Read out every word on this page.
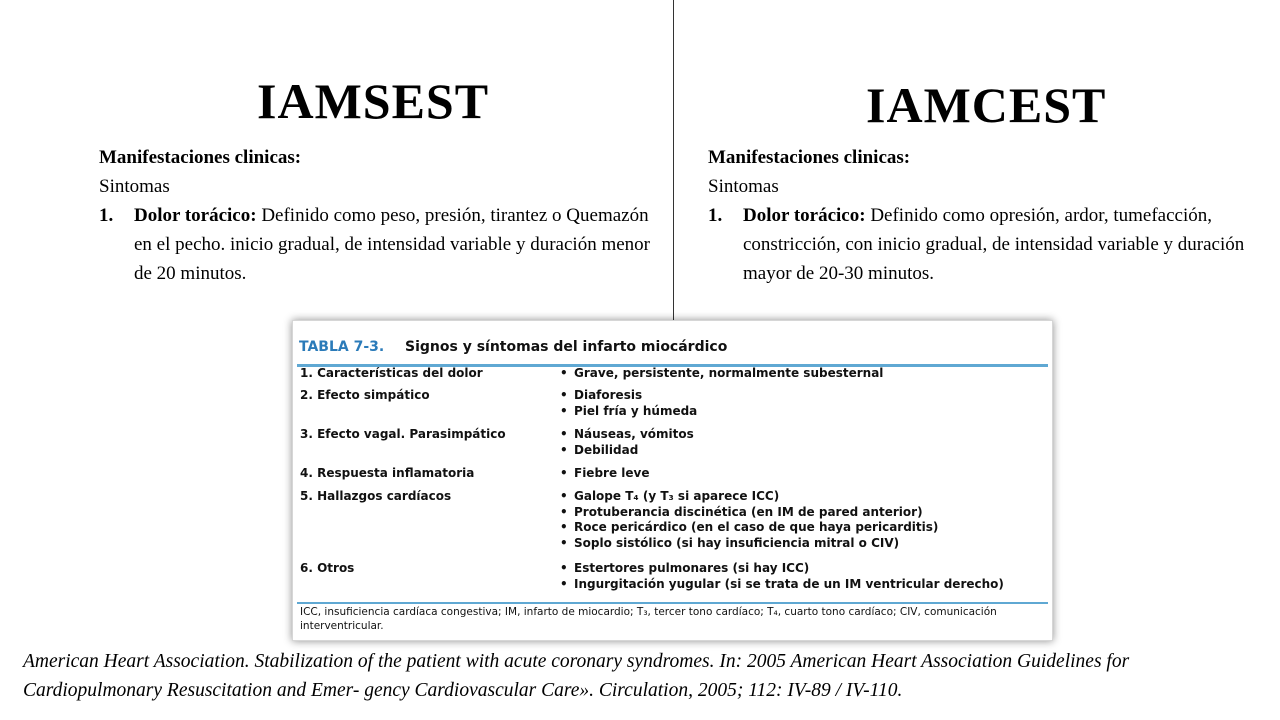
IAMSEST	IAMCEST
Manifestaciones clinicas:
Sintomas
1.	Dolor torácico: Definido como peso, presión, tirantez o Quemazón en el pecho. inicio gradual, de intensidad variable y duración menor de 20 minutos.
Manifestaciones clinicas:
Sintomas
1.	Dolor torácico: Definido como opresión, ardor, tumefacción, constricción, con inicio gradual, de intensidad variable y duración mayor de 20-30 minutos.
TABLA 7-3.	Signos y síntomas del infarto miocárdico
1. Características del dolor	• Grave, persistente, normalmente subesternal
2. Efecto simpático	• Diaforesis
• Piel fría y húmeda
3. Efecto vagal. Parasimpático	• Náuseas, vómitos
• Debilidad
4. Respuesta inflamatoria	• Fiebre leve
5. Hallazgos cardíacos	• Galope T₄ (y T₃ si aparece ICC)
• Protuberancia discinética (en IM de pared anterior)
• Roce pericárdico (en el caso de que haya pericarditis)
• Soplo sistólico (si hay insuficiencia mitral o CIV)
6. Otros	• Estertores pulmonares (si hay ICC)
• Ingurgitación yugular (si se trata de un IM ventricular derecho)
ICC, insuficiencia cardíaca congestiva; IM, infarto de miocardio; T₃, tercer tono cardíaco; T₄, cuarto tono cardíaco; CIV, comunicación interventricular.
American Heart Association. Stabilization of the patient with acute coronary syndromes. In: 2005 American Heart Association Guidelines for Cardiopulmonary Resuscitation and Emer- gency Cardiovascular Care». Circulation, 2005; 112: IV-89 / IV-110.
